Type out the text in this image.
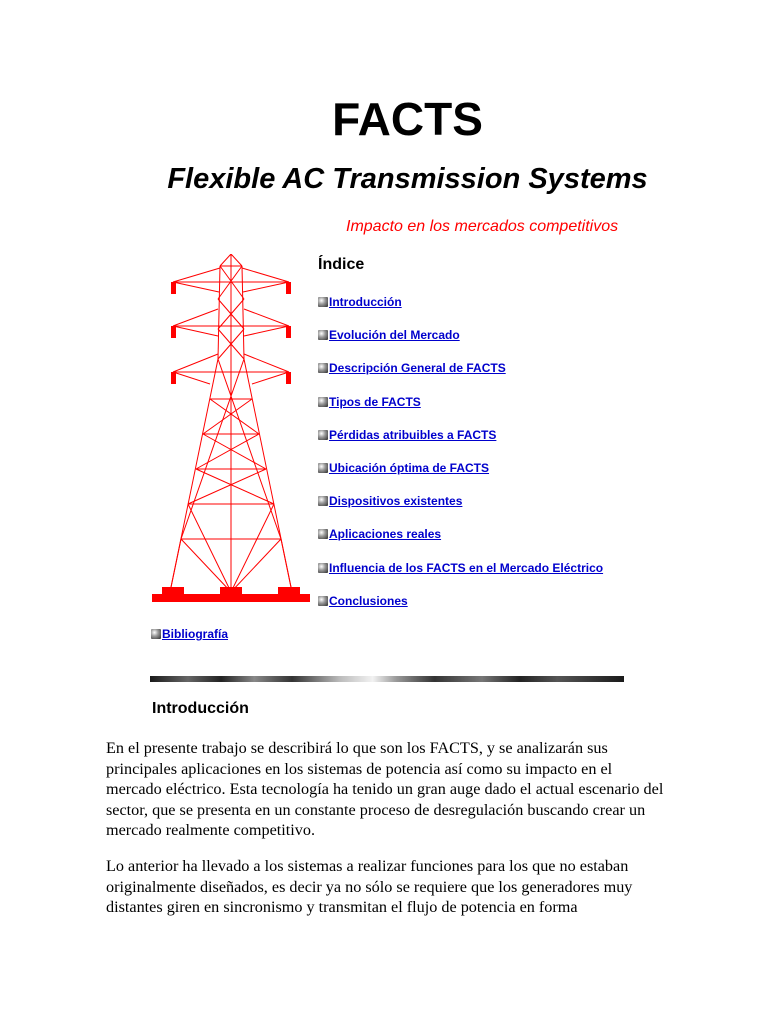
FACTS
Flexible AC Transmission Systems
Impacto en los mercados competitivos
Índice
Introducción
Evolución del Mercado
Descripción General de FACTS
Tipos de FACTS
Pérdidas atribuibles a FACTS
Ubicación óptima de FACTS
Dispositivos existentes
Aplicaciones reales
Influencia de los FACTS en el Mercado Eléctrico
Conclusiones
Bibliografía
Introducción

En el presente trabajo se describirá lo que son los FACTS, y se analizarán sus principales aplicaciones en los sistemas de potencia así como su impacto en el mercado eléctrico. Esta tecnología ha tenido un gran auge dado el actual escenario del sector, que se presenta en un constante proceso de desregulación buscando crear un mercado realmente competitivo.

Lo anterior ha llevado a los sistemas a realizar funciones para los que no estaban originalmente diseñados, es decir ya no sólo se requiere que los generadores muy distantes giren en sincronismo y transmitan el flujo de potencia en forma
